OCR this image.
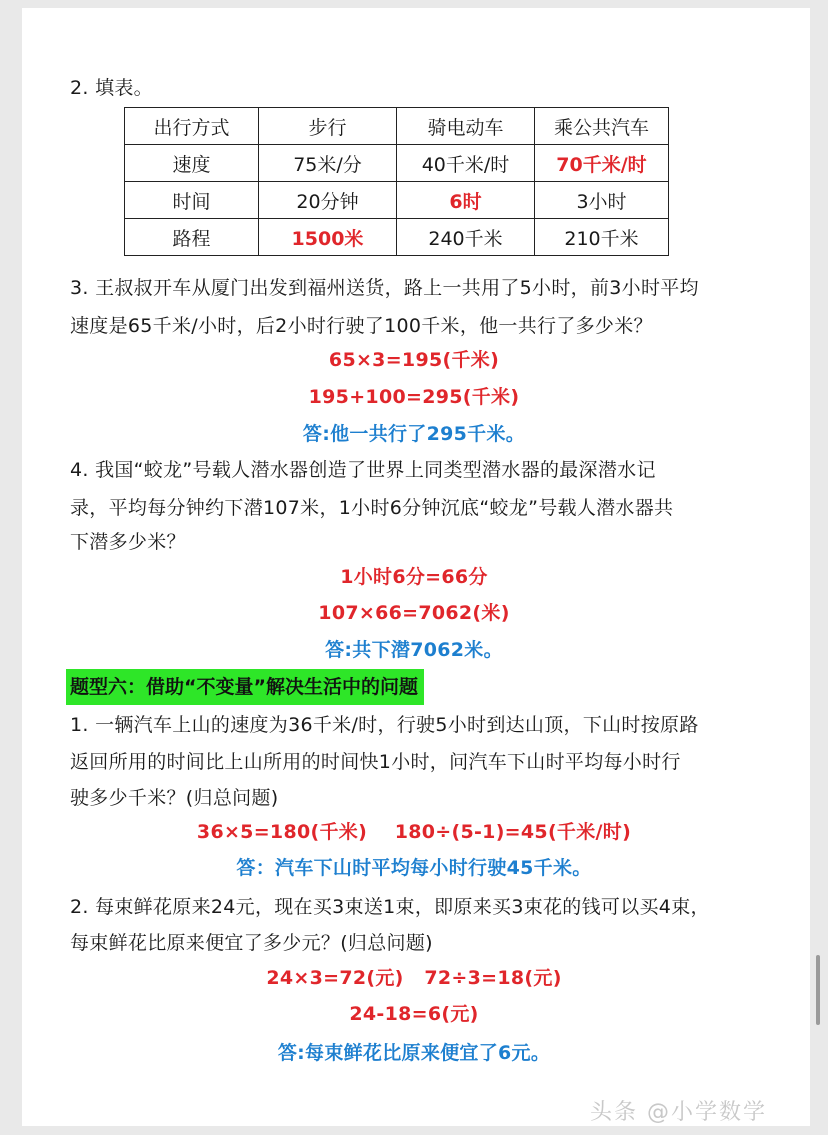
2. 填表。
出行方式	步行	骑电动车	乘公共汽车
速度	75米/分	40千米/时	70千米/时
时间	20分钟	6时	3小时
路程	1500米	240千米	210千米
3. 王叔叔开车从厦门出发到福州送货，路上一共用了5小时，前3小时平均
速度是65千米/小时，后2小时行驶了100千米，他一共行了多少米？
65×3=195(千米)
195+100=295(千米)
答:他一共行了295千米。
4. 我国“蛟龙”号载人潜水器创造了世界上同类型潜水器的最深潜水记
录，平均每分钟约下潜107米，1小时6分钟沉底“蛟龙”号载人潜水器共
下潜多少米？
1小时6分=66分
107×66=7062(米)
答:共下潜7062米。
题型六：借助“不变量”解决生活中的问题
1. 一辆汽车上山的速度为36千米/时，行驶5小时到达山顶，下山时按原路
返回所用的时间比上山所用的时间快1小时，问汽车下山时平均每小时行
驶多少千米？(归总问题)
36×5=180(千米)    180÷(5-1)=45(千米/时)
答：汽车下山时平均每小时行驶45千米。
2. 每束鲜花原来24元，现在买3束送1束，即原来买3束花的钱可以买4束，
每束鲜花比原来便宜了多少元？(归总问题)
24×3=72(元)   72÷3=18(元)
24-18=6(元)
答:每束鲜花比原来便宜了6元。
头条 @小学数学
